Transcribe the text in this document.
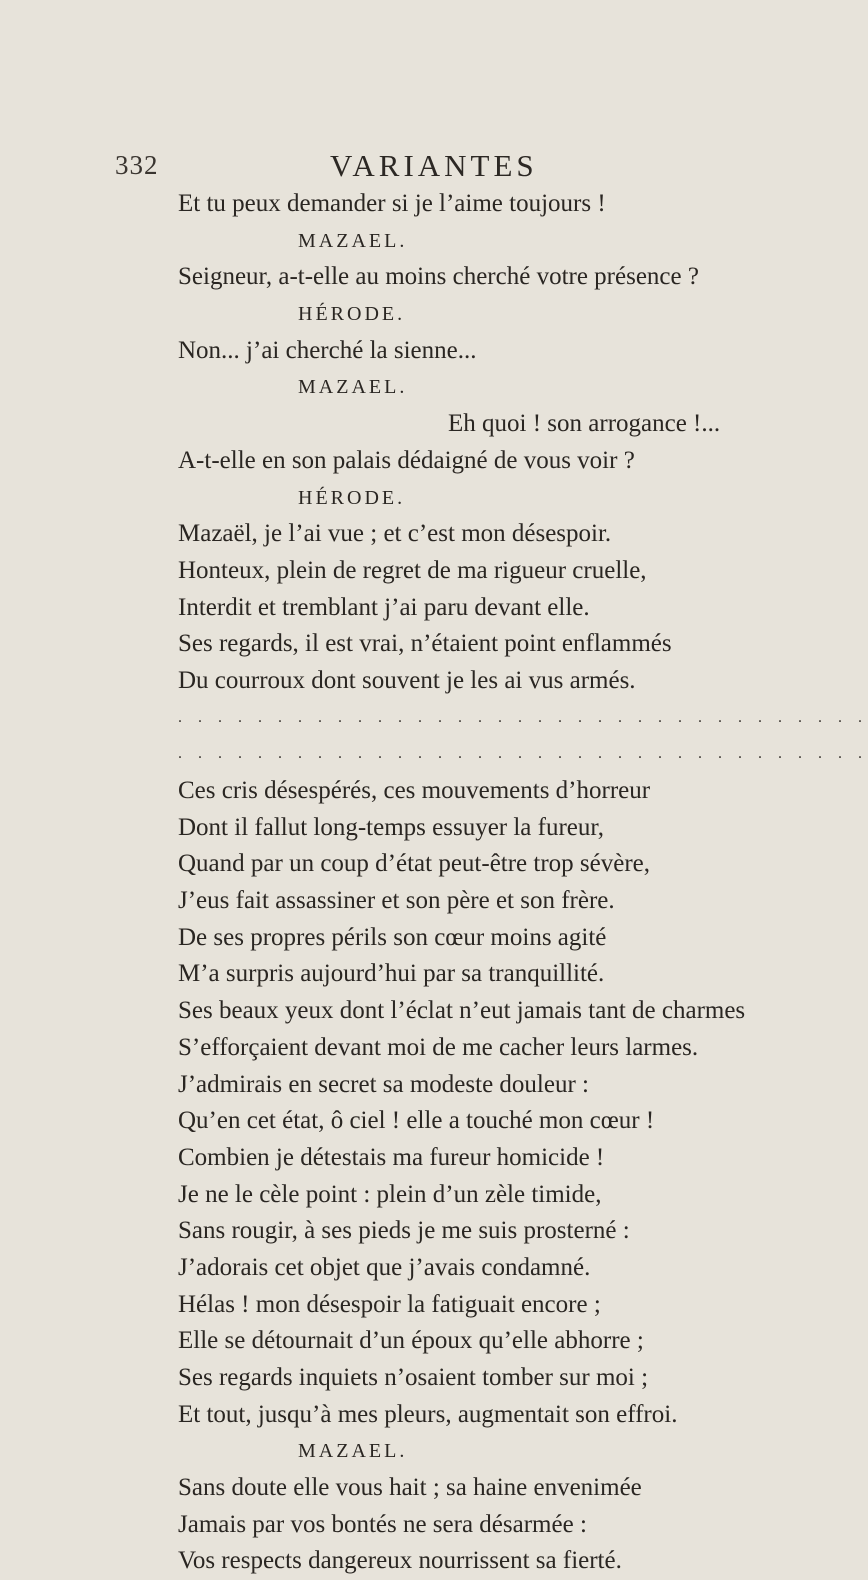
332	VARIANTES
Et tu peux demander si je l’aime toujours !
MAZAEL.
Seigneur, a-t-elle au moins cherché votre présence ?
HÉRODE.
Non... j’ai cherché la sienne...
MAZAEL.
Eh quoi ! son arrogance !...
A-t-elle en son palais dédaigné de vous voir ?
HÉRODE.
Mazaël, je l’ai vue ; et c’est mon désespoir.
Honteux, plein de regret de ma rigueur cruelle,
Interdit et tremblant j’ai paru devant elle.
Ses regards, il est vrai, n’étaient point enflammés
Du courroux dont souvent je les ai vus armés.
. . . . . . . . . . . . . . . . . . . . . . . . . . . . . . . . . . .
. . . . . . . . . . . . . . . . . . . . . . . . . . . . . . . . . . .
Ces cris désespérés, ces mouvements d’horreur
Dont il fallut long-temps essuyer la fureur,
Quand par un coup d’état peut-être trop sévère,
J’eus fait assassiner et son père et son frère.
De ses propres périls son cœur moins agité
M’a surpris aujourd’hui par sa tranquillité.
Ses beaux yeux dont l’éclat n’eut jamais tant de charmes
S’efforçaient devant moi de me cacher leurs larmes.
J’admirais en secret sa modeste douleur :
Qu’en cet état, ô ciel ! elle a touché mon cœur !
Combien je détestais ma fureur homicide !
Je ne le cèle point : plein d’un zèle timide,
Sans rougir, à ses pieds je me suis prosterné :
J’adorais cet objet que j’avais condamné.
Hélas ! mon désespoir la fatiguait encore ;
Elle se détournait d’un époux qu’elle abhorre ;
Ses regards inquiets n’osaient tomber sur moi ;
Et tout, jusqu’à mes pleurs, augmentait son effroi.
MAZAEL.
Sans doute elle vous hait ; sa haine envenimée
Jamais par vos bontés ne sera désarmée :
Vos respects dangereux nourrissent sa fierté.
